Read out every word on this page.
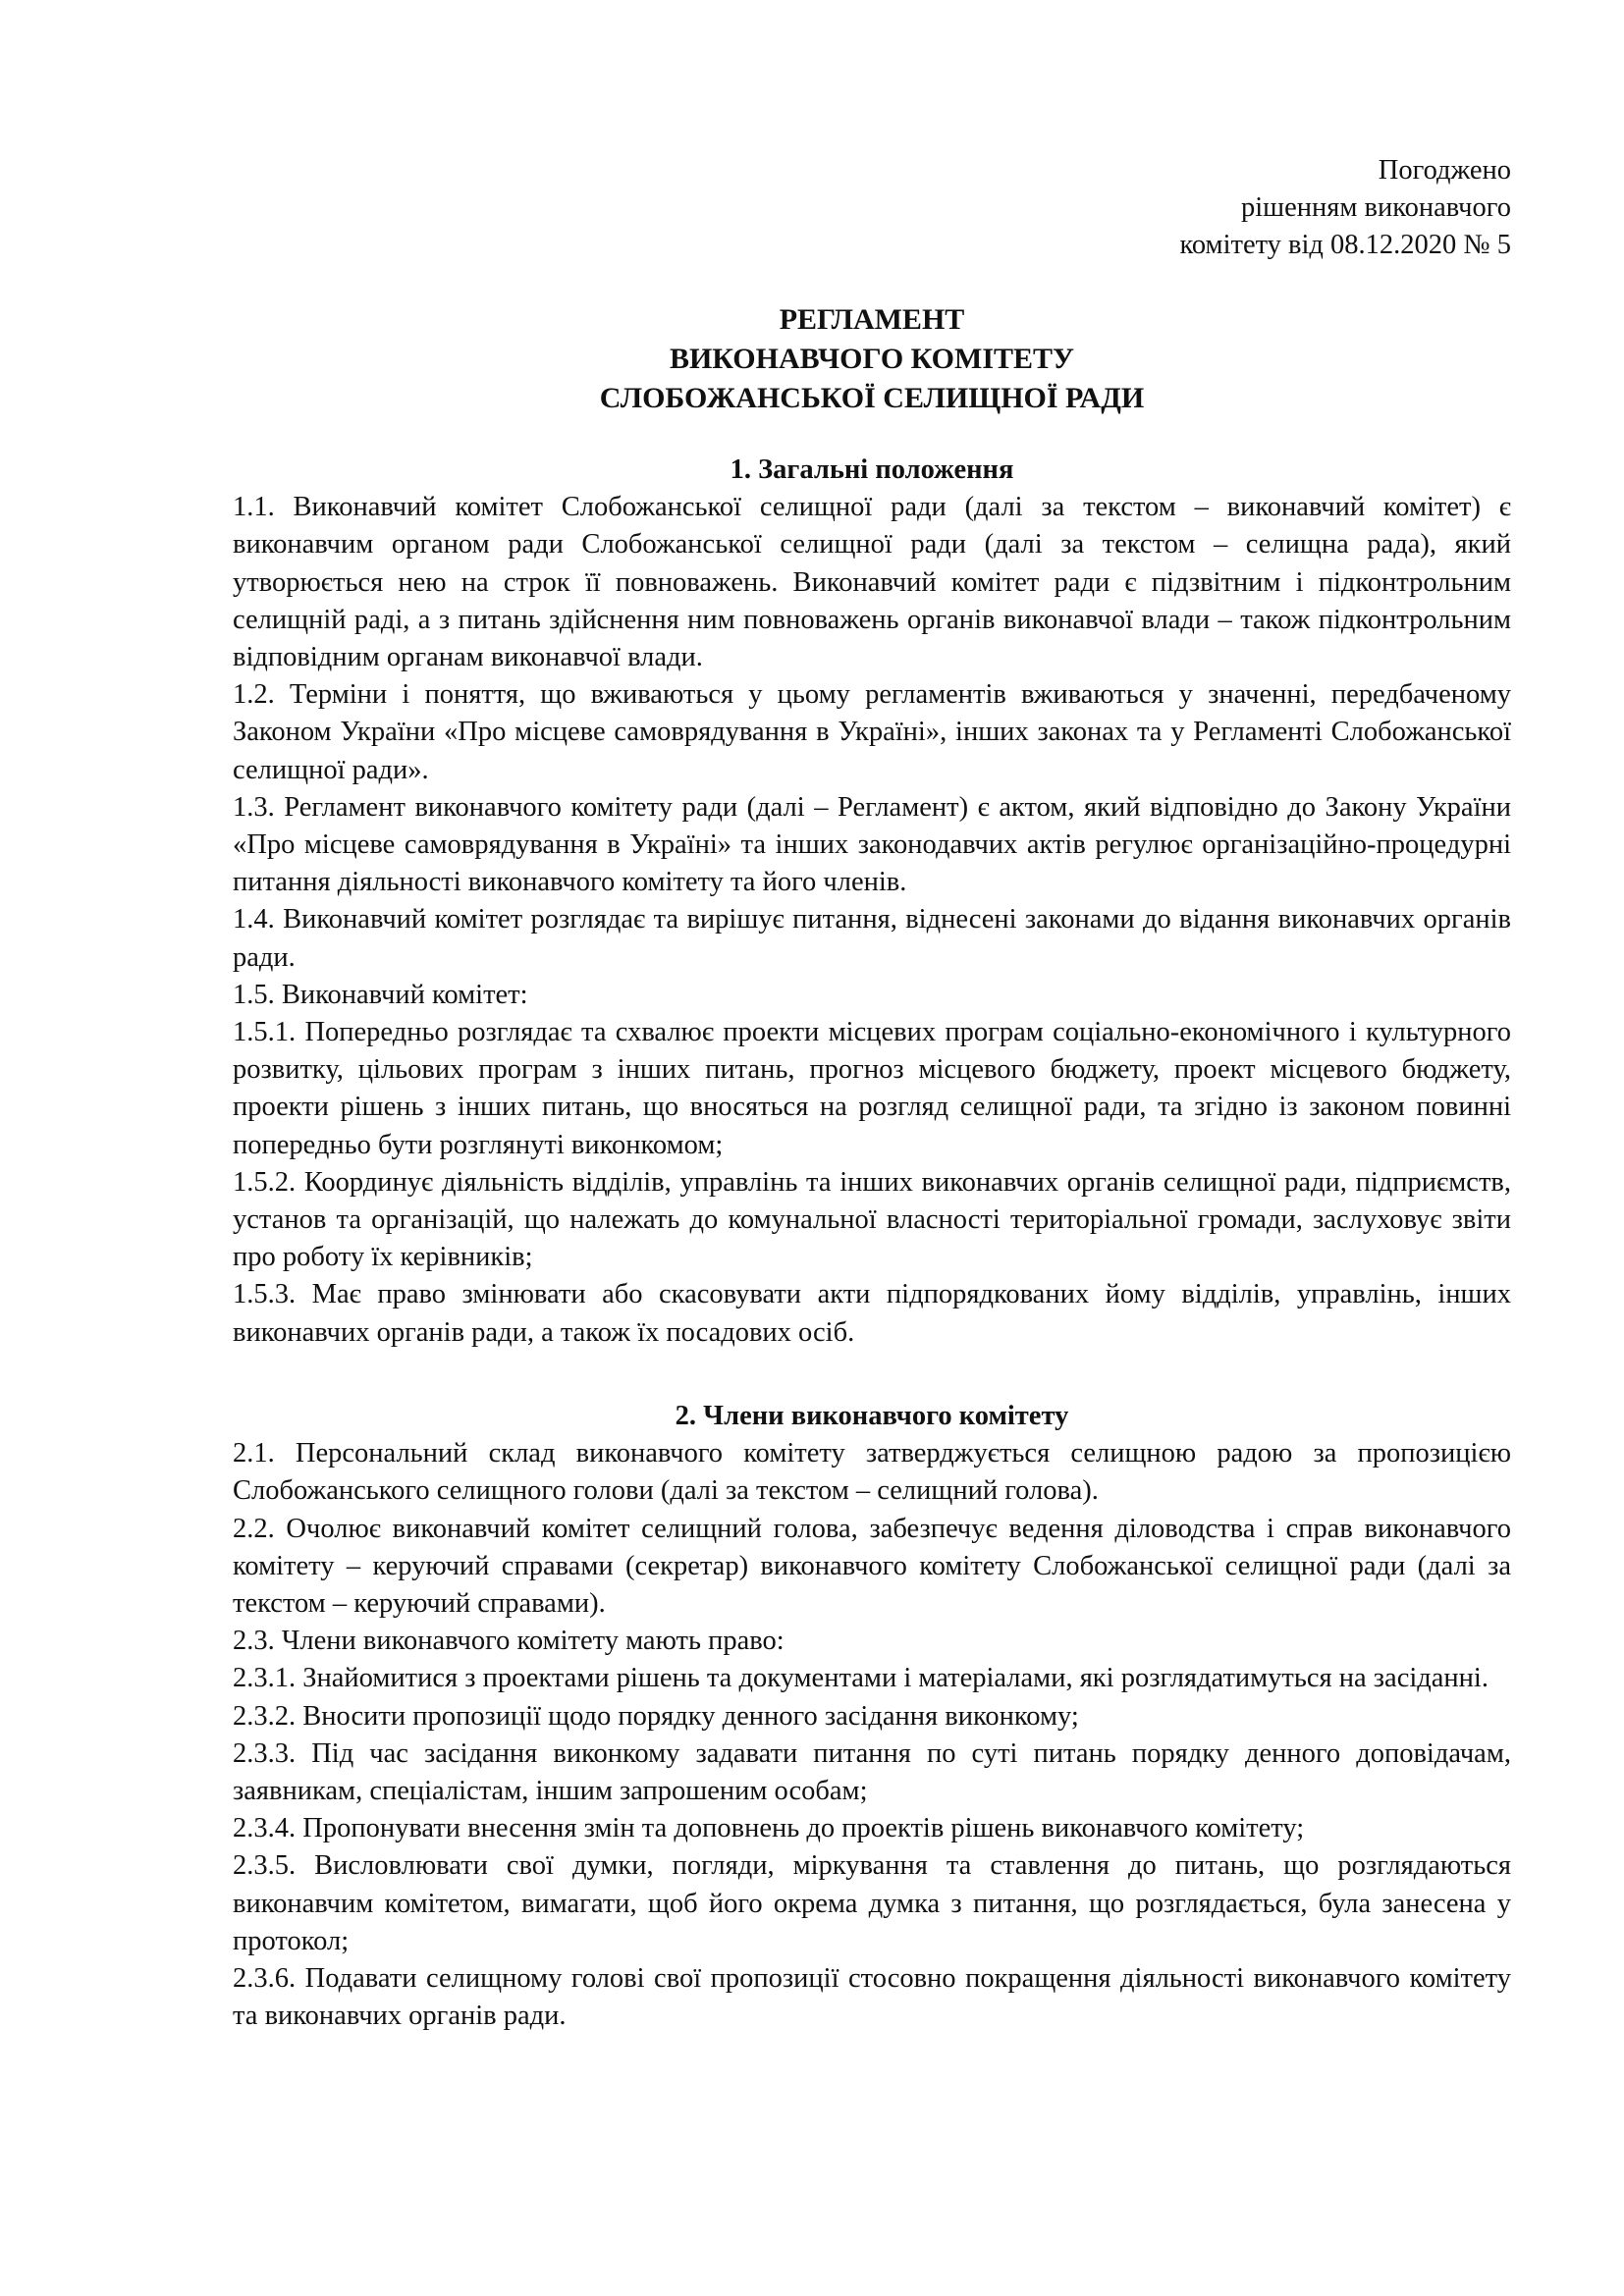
Погоджено
рішенням виконавчого
комітету від 08.12.2020 № 5
РЕГЛАМЕНТ
ВИКОНАВЧОГО КОМІТЕТУ
СЛОБОЖАНСЬКОЇ СЕЛИЩНОЇ РАДИ
1. Загальні положення

1.1. Виконавчий комітет Слобожанської селищної ради (далі за текстом – виконавчий комітет) є виконавчим органом ради Слобожанської селищної ради (далі за текстом – селищна рада), який утворюється нею на строк її повноважень. Виконавчий комітет ради є підзвітним і підконтрольним селищній раді, а з питань здійснення ним повноважень органів виконавчої влади – також підконтрольним відповідним органам виконавчої влади.

1.2. Терміни і поняття, що вживаються у цьому регламентів вживаються у значенні, передбаченому Законом України «Про місцеве самоврядування в Україні», інших законах та у Регламенті Слобожанської селищної ради».

1.3. Регламент виконавчого комітету ради (далі – Регламент) є актом, який відповідно до Закону України «Про місцеве самоврядування в Україні» та інших законодавчих актів регулює організаційно-процедурні питання діяльності виконавчого комітету та його членів.

1.4. Виконавчий комітет розглядає та вирішує питання, віднесені законами до відання виконавчих органів ради.

1.5. Виконавчий комітет:

1.5.1. Попередньо розглядає та схвалює проекти місцевих програм соціально-економічного і культурного розвитку, цільових програм з інших питань, прогноз місцевого бюджету, проект місцевого бюджету, проекти рішень з інших питань, що вносяться на розгляд селищної ради, та згідно із законом повинні попередньо бути розглянуті виконкомом;

1.5.2. Координує діяльність відділів, управлінь та інших виконавчих органів селищної ради, підприємств, установ та організацій, що належать до комунальної власності територіальної громади, заслуховує звіти про роботу їх керівників;

1.5.3. Має право змінювати або скасовувати акти підпорядкованих йому відділів, управлінь, інших виконавчих органів ради, а також їх посадових осіб.

2. Члени виконавчого комітету

2.1. Персональний склад виконавчого комітету затверджується селищною радою за пропозицією Слобожанського селищного голови (далі за текстом – селищний голова).

2.2. Очолює виконавчий комітет селищний голова, забезпечує ведення діловодства і справ виконавчого комітету – керуючий справами (секретар) виконавчого комітету Слобожанської селищної ради (далі за текстом – керуючий справами).

2.3. Члени виконавчого комітету мають право:

2.3.1. Знайомитися з проектами рішень та документами і матеріалами, які розглядатимуться на засіданні.

2.3.2. Вносити пропозиції щодо порядку денного засідання виконкому;

2.3.3. Під час засідання виконкому задавати питання по суті питань порядку денного доповідачам, заявникам, спеціалістам, іншим запрошеним особам;

2.3.4. Пропонувати внесення змін та доповнень до проектів рішень виконавчого комітету;

2.3.5. Висловлювати свої думки, погляди, міркування та ставлення до питань, що розглядаються виконавчим комітетом, вимагати, щоб його окрема думка з питання, що розглядається, була занесена у протокол;

2.3.6. Подавати селищному голові свої пропозиції стосовно покращення діяльності виконавчого комітету та виконавчих органів ради.
